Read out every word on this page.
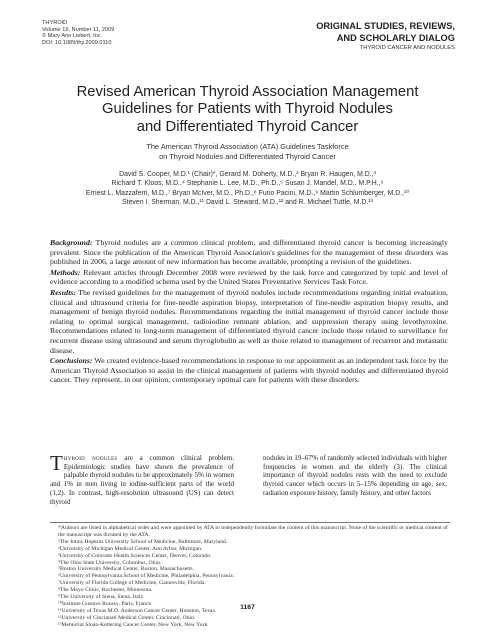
THYROID
Volume 19, Number 11, 2009
© Mary Ann Liebert, Inc.
DOI: 10.1089/thy.2009.0110
ORIGINAL STUDIES, REVIEWS,
AND SCHOLARLY DIALOG
THYROID CANCER AND NODULES
Revised American Thyroid Association Management
Guidelines for Patients with Thyroid Nodules
and Differentiated Thyroid Cancer
The American Thyroid Association (ATA) Guidelines Taskforce
on Thyroid Nodules and Differentiated Thyroid Cancer
David S. Cooper, M.D.¹ (Chair)*, Gerard M. Doherty, M.D.,² Bryan R. Haugen, M.D.,³
Richard T. Kloos, M.D.,⁴ Stephanie L. Lee, M.D., Ph.D.,⁵ Susan J. Mandel, M.D., M.P.H.,⁶
Ernest L. Mazzaferri, M.D.,⁷ Bryan McIver, M.D., Ph.D.,⁸ Furio Pacini, M.D.,⁹ Martin Schlumberger, M.D.,¹⁰
Steven I. Sherman, M.D.,¹¹ David L. Steward, M.D.,¹² and R. Michael Tuttle, M.D.¹³

Background: Thyroid nodules are a common clinical problem, and differentiated thyroid cancer is becoming increasingly prevalent. Since the publication of the American Thyroid Association's guidelines for the management of these disorders was published in 2006, a large amount of new information has become available, prompting a revision of the guidelines.

Methods: Relevant articles through December 2008 were reviewed by the task force and categorized by topic and level of evidence according to a modified schema used by the United States Preventative Services Task Force.

Results: The revised guidelines for the management of thyroid nodules include recommendations regarding initial evaluation, clinical and ultrasound criteria for fine-needle aspiration biopsy, interpretation of fine-needle aspiration biopsy results, and management of benign thyroid nodules. Recommendations regarding the initial management of thyroid cancer include those relating to optimal surgical management, radioiodine remnant ablation, and suppression therapy using levothyroxine. Recommendations related to long-term management of differentiated thyroid cancer include those related to surveillance for recurrent disease using ultrasound and serum thyroglobulin as well as those related to management of recurrent and metastatic disease.

Conclusions: We created evidence-based recommendations in response to our appointment as an independent task force by the American Thyroid Association to assist in the clinical management of patients with thyroid nodules and differentiated thyroid cancer. They represent, in our opinion, contemporary optimal care for patients with these disorders.

Thyroid nodules are a common clinical problem. Epidemiologic studies have shown the prevalence of palpable thyroid nodules to be approximately 5% in women and 1% in men living in iodine-sufficient parts of the world (1,2). In contrast, high-resolution ultrasound (US) can detect thyroid

nodules in 19–67% of randomly selected individuals with higher frequencies in women and the elderly (3). The clinical importance of thyroid nodules rests with the need to exclude thyroid cancer which occurs in 5–15% depending on age, sex, radiation exposure history, family history, and other factors

*Authors are listed in alphabetical order and were appointed by ATA to independently formulate the content of this manuscript. None of the scientific or medical content of the manuscript was dictated by the ATA.
¹The Johns Hopkins University School of Medicine, Baltimore, Maryland.
²University of Michigan Medical Center, Ann Arbor, Michigan.
³University of Colorado Health Sciences Center, Denver, Colorado.
⁴The Ohio State University, Columbus, Ohio.
⁵Boston University Medical Center, Boston, Massachusetts.
⁶University of Pennsylvania School of Medicine, Philadelphia, Pennsylvania.
⁷University of Florida College of Medicine, Gainesville, Florida.
⁸The Mayo Clinic, Rochester, Minnesota.
⁹The University of Siena, Siena, Italy.
¹⁰Institute Gustave Roussy, Paris, France.
¹¹University of Texas M.D. Anderson Cancer Center, Houston, Texas.
¹²University of Cincinnati Medical Center, Cincinnati, Ohio.
¹³Memorial Sloan-Kettering Cancer Center, New York, New York.
1167
